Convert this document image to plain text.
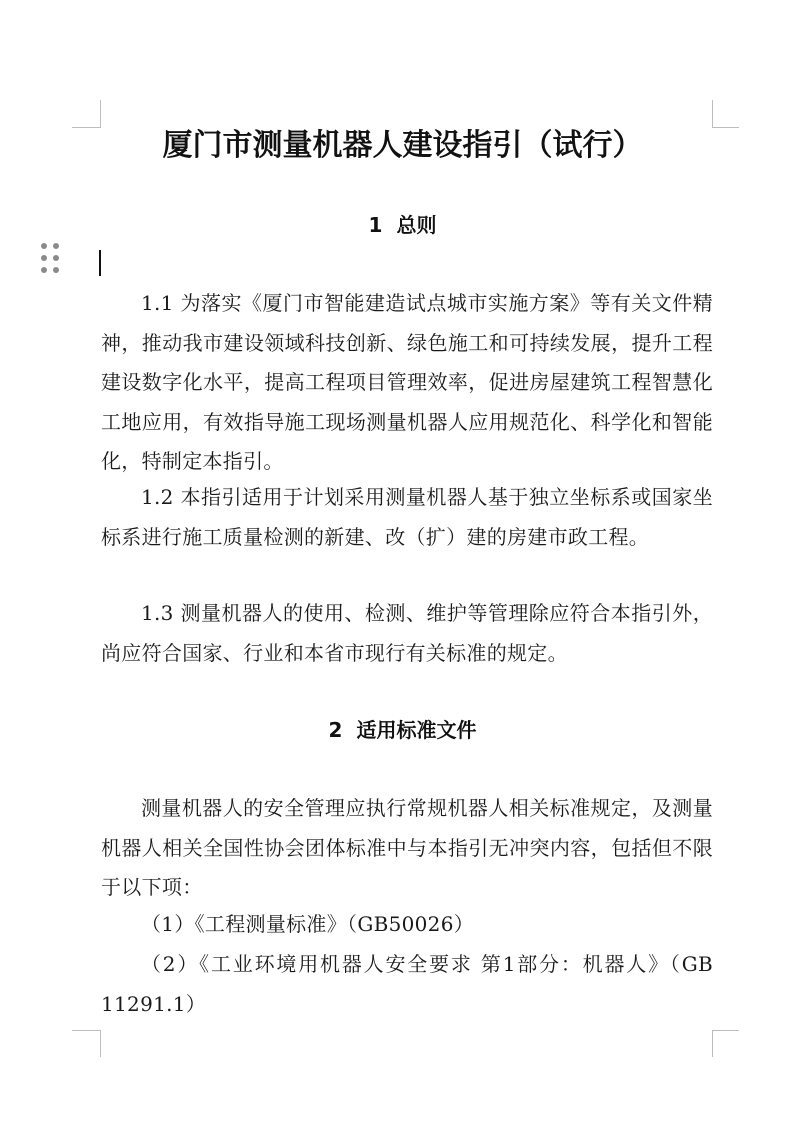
厦门市测量机器人建设指引（试行）
1 总则

1.1 为落实《厦门市智能建造试点城市实施方案》等有关文件精神，推动我市建设领域科技创新、绿色施工和可持续发展，提升工程建设数字化水平，提高工程项目管理效率，促进房屋建筑工程智慧化工地应用，有效指导施工现场测量机器人应用规范化、科学化和智能化，特制定本指引。

1.2 本指引适用于计划采用测量机器人基于独立坐标系或国家坐标系进行施工质量检测的新建、改（扩）建的房建市政工程。

1.3 测量机器人的使用、检测、维护等管理除应符合本指引外，尚应符合国家、行业和本省市现行有关标准的规定。

2 适用标准文件

测量机器人的安全管理应执行常规机器人相关标准规定，及测量机器人相关全国性协会团体标准中与本指引无冲突内容，包括但不限于以下项：

（1）《工程测量标准》（GB50026）

（2）《工业环境用机器人安全要求 第1部分：机器人》（GB 11291.1）
